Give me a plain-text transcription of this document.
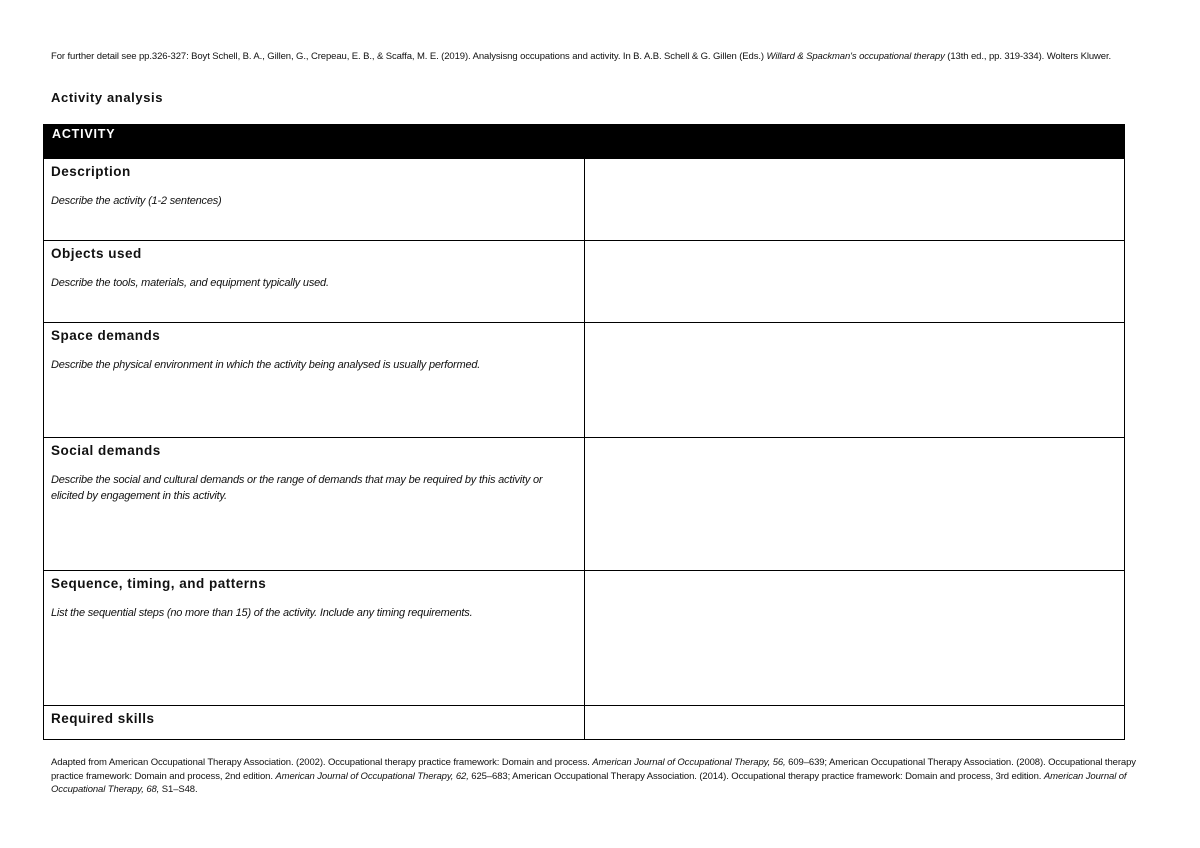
For further detail see pp.326-327: Boyt Schell, B. A., Gillen, G., Crepeau, E. B., & Scaffa, M. E. (2019). Analysisng occupations and activity. In B. A.B. Schell & G. Gillen (Eds.) Willard & Spackman's occupational therapy (13th ed., pp. 319-334). Wolters Kluwer.
Activity analysis
ACTIVITY	

Description
Describe the activity (1-2 sentences)	

Objects used
Describe the tools, materials, and equipment typically used.	

Space demands
Describe the physical environment in which the activity being analysed is usually performed.	

Social demands
Describe the social and cultural demands or the range of demands that may be required by this activity or elicited by engagement in this activity.	

Sequence, timing, and patterns
List the sequential steps (no more than 15) of the activity. Include any timing requirements.	

Required skills	

Adapted from American Occupational Therapy Association. (2002). Occupational therapy practice framework: Domain and process. American Journal of Occupational Therapy, 56, 609–639; American Occupational Therapy Association. (2008). Occupational therapy practice framework: Domain and process, 2nd edition. American Journal of Occupational Therapy, 62, 625–683; American Occupational Therapy Association. (2014). Occupational therapy practice framework: Domain and process, 3rd edition. American Journal of Occupational Therapy, 68, S1–S48.
